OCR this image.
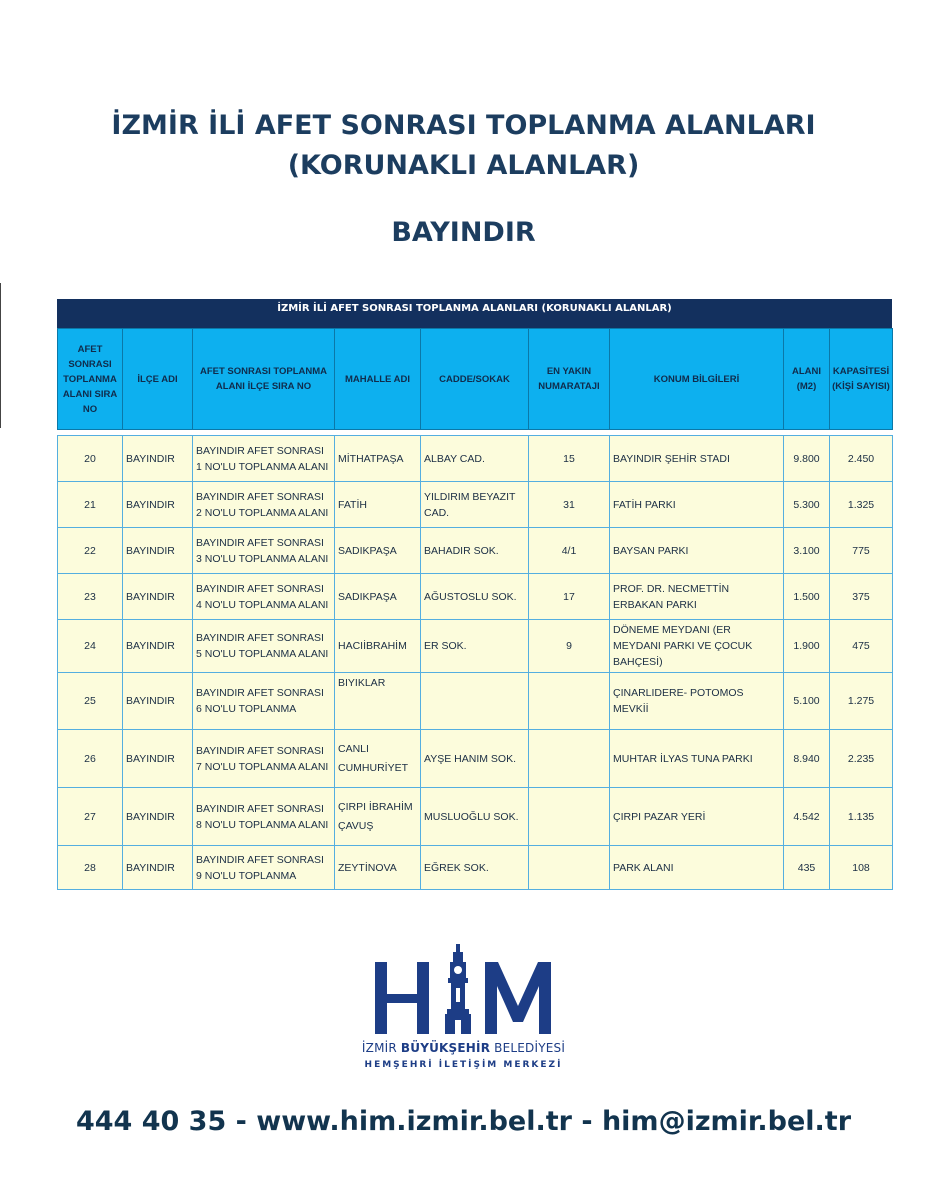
İZMİR İLİ AFET SONRASI TOPLANMA ALANLARI
(KORUNAKLI ALANLAR)
BAYINDIR
İZMİR İLİ AFET SONRASI TOPLANMA ALANLARI (KORUNAKLI ALANLAR)
AFET SONRASI TOPLANMA ALANI SIRA NO	İLÇE ADI	AFET SONRASI TOPLANMA ALANI İLÇE SIRA NO	MAHALLE ADI	CADDE/SOKAK	EN YAKIN NUMARATAJI	KONUM BİLGİLERİ	ALANI (M2)	KAPASİTESİ (KİŞİ SAYISI)

20	BAYINDIR	BAYINDIR AFET SONRASI 1 NO'LU TOPLANMA ALANI	MİTHATPAŞA	ALBAY CAD.	15	BAYINDIR ŞEHİR STADI	9.800	2.450
21	BAYINDIR	BAYINDIR AFET SONRASI 2 NO'LU TOPLANMA ALANI	FATİH	YILDIRIM BEYAZIT CAD.	31	FATİH PARKI	5.300	1.325
22	BAYINDIR	BAYINDIR AFET SONRASI 3 NO'LU TOPLANMA ALANI	SADIKPAŞA	BAHADIR SOK.	4/1	BAYSAN PARKI	3.100	775
23	BAYINDIR	BAYINDIR AFET SONRASI 4 NO'LU TOPLANMA ALANI	SADIKPAŞA	AĞUSTOSLU SOK.	17	PROF. DR. NECMETTİN ERBAKAN PARKI	1.500	375
24	BAYINDIR	BAYINDIR AFET SONRASI 5 NO'LU TOPLANMA ALANI	HACIİBRAHİM	ER SOK.	9	DÖNEME MEYDANI (ER MEYDANI PARKI VE ÇOCUK BAHÇESİ)	1.900	475
25	BAYINDIR	BAYINDIR AFET SONRASI 6 NO'LU TOPLANMA	BIYIKLAR			ÇINARLIDERE- POTOMOS MEVKİİ	5.100	1.275
26	BAYINDIR	BAYINDIR AFET SONRASI 7 NO'LU TOPLANMA ALANI	CANLI CUMHURİYET	AYŞE HANIM SOK.		MUHTAR İLYAS TUNA PARKI	8.940	2.235
27	BAYINDIR	BAYINDIR AFET SONRASI 8 NO'LU TOPLANMA ALANI	ÇIRPI İBRAHİM ÇAVUŞ	MUSLUOĞLU SOK.		ÇIRPI PAZAR YERİ	4.542	1.135
28	BAYINDIR	BAYINDIR AFET SONRASI 9 NO'LU TOPLANMA	ZEYTİNOVA	EĞREK SOK.		PARK ALANI	435	108
İZMİR BÜYÜKŞEHİR BELEDİYESİ
HEMŞEHRİ İLETİŞİM MERKEZİ
444 40 35 - www.him.izmir.bel.tr - him@izmir.bel.tr
